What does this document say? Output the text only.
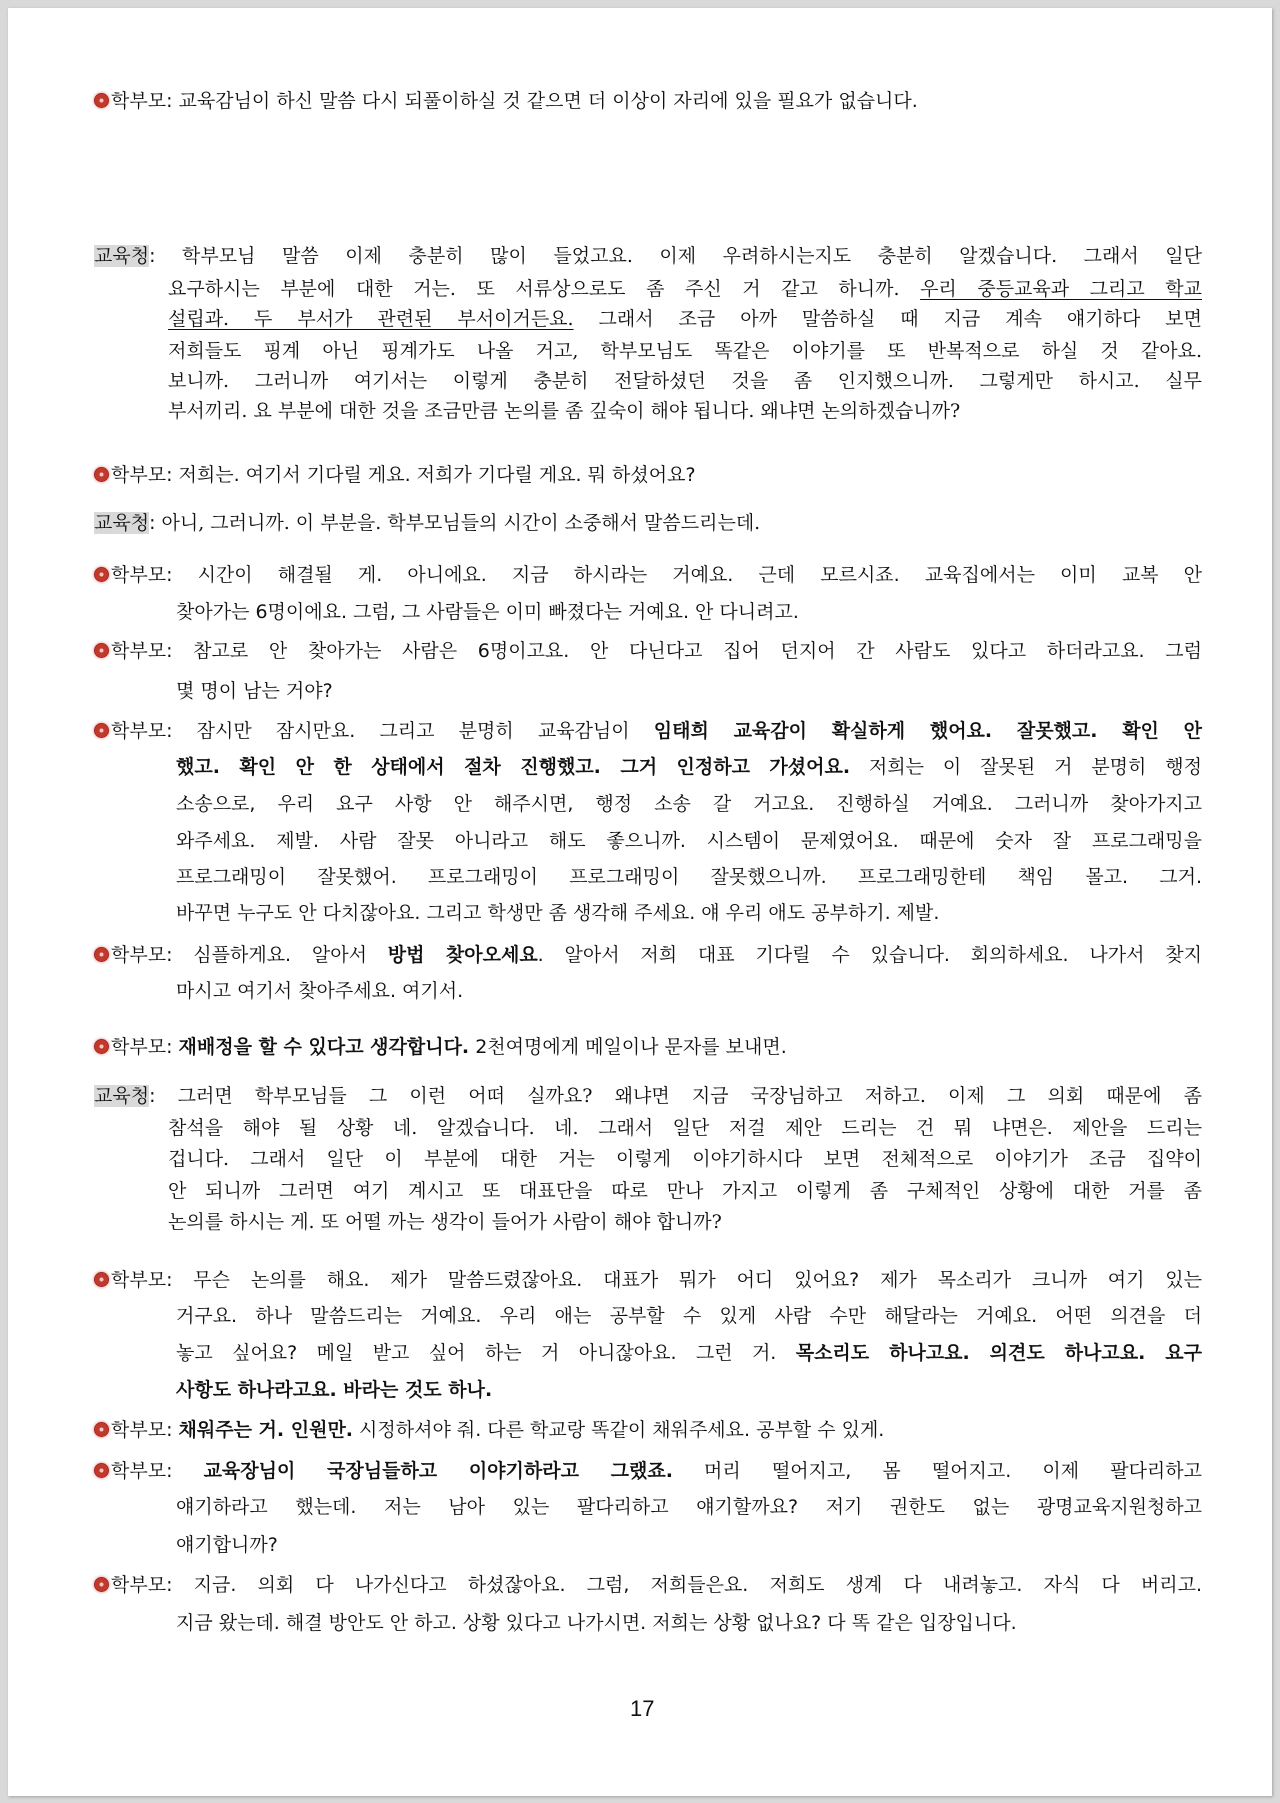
학부모: 교육감님이 하신 말씀 다시 되풀이하실 것 같으면 더 이상이 자리에 있을 필요가 없습니다.
교육청: 학부모님 말씀 이제 충분히 많이 들었고요. 이제 우려하시는지도 충분히 알겠습니다. 그래서 일단
요구하시는 부분에 대한 거는. 또 서류상으로도 좀 주신 거 같고 하니까. 우리 중등교육과 그리고 학교
설립과. 두 부서가 관련된 부서이거든요. 그래서 조금 아까 말씀하실 때 지금 계속 얘기하다 보면
저희들도 핑계 아닌 핑계가도 나올 거고, 학부모님도 똑같은 이야기를 또 반복적으로 하실 것 같아요.
보니까. 그러니까 여기서는 이렇게 충분히 전달하셨던 것을 좀 인지했으니까. 그렇게만 하시고. 실무
부서끼리. 요 부분에 대한 것을 조금만큼 논의를 좀 깊숙이 해야 됩니다. 왜냐면 논의하겠습니까?
학부모: 저희는. 여기서 기다릴 게요. 저희가 기다릴 게요. 뭐 하셨어요?
교육청: 아니, 그러니까. 이 부분을. 학부모님들의 시간이 소중해서 말씀드리는데.
학부모: 시간이 해결될 게. 아니에요. 지금 하시라는 거예요. 근데 모르시죠. 교육집에서는 이미 교복 안
찾아가는 6명이에요. 그럼, 그 사람들은 이미 빠졌다는 거예요. 안 다니려고.
학부모: 참고로 안 찾아가는 사람은 6명이고요. 안 다닌다고 집어 던지어 간 사람도 있다고 하더라고요. 그럼
몇 명이 남는 거야?
학부모: 잠시만 잠시만요. 그리고 분명히 교육감님이 임태희 교육감이 확실하게 했어요. 잘못했고. 확인 안
했고. 확인 안 한 상태에서 절차 진행했고. 그거 인정하고 가셨어요. 저희는 이 잘못된 거 분명히 행정
소송으로, 우리 요구 사항 안 해주시면, 행정 소송 갈 거고요. 진행하실 거예요. 그러니까 찾아가지고
와주세요. 제발. 사람 잘못 아니라고 해도 좋으니까. 시스템이 문제였어요. 때문에 숫자 잘 프로그래밍을
프로그래밍이 잘못했어. 프로그래밍이 프로그래밍이 잘못했으니까. 프로그래밍한테 책임 몰고. 그거.
바꾸면 누구도 안 다치잖아요. 그리고 학생만 좀 생각해 주세요. 얘 우리 애도 공부하기. 제발.
학부모: 심플하게요. 알아서 방법 찾아오세요. 알아서 저희 대표 기다릴 수 있습니다. 회의하세요. 나가서 찾지
마시고 여기서 찾아주세요. 여기서.
학부모: 재배정을 할 수 있다고 생각합니다. 2천여명에게 메일이나 문자를 보내면.
교육청: 그러면 학부모님들 그 이런 어떠 실까요? 왜냐면 지금 국장님하고 저하고. 이제 그 의회 때문에 좀
참석을 해야 될 상황 네. 알겠습니다. 네. 그래서 일단 저걸 제안 드리는 건 뭐 냐면은. 제안을 드리는
겁니다. 그래서 일단 이 부분에 대한 거는 이렇게 이야기하시다 보면 전체적으로 이야기가 조금 집약이
안 되니까 그러면 여기 계시고 또 대표단을 따로 만나 가지고 이렇게 좀 구체적인 상황에 대한 거를 좀
논의를 하시는 게. 또 어떨 까는 생각이 들어가 사람이 해야 합니까?
학부모: 무슨 논의를 해요. 제가 말씀드렸잖아요. 대표가 뭐가 어디 있어요? 제가 목소리가 크니까 여기 있는
거구요. 하나 말씀드리는 거예요. 우리 애는 공부할 수 있게 사람 수만 해달라는 거예요. 어떤 의견을 더
놓고 싶어요? 메일 받고 싶어 하는 거 아니잖아요. 그런 거. 목소리도 하나고요. 의견도 하나고요. 요구
사항도 하나라고요. 바라는 것도 하나.
학부모: 채워주는 거. 인원만. 시정하셔야 줘. 다른 학교랑 똑같이 채워주세요. 공부할 수 있게.
학부모: 교육장님이 국장님들하고 이야기하라고 그랬죠. 머리 떨어지고, 몸 떨어지고. 이제 팔다리하고
얘기하라고 했는데. 저는 남아 있는 팔다리하고 얘기할까요? 저기 권한도 없는 광명교육지원청하고
얘기합니까?
학부모: 지금. 의회 다 나가신다고 하셨잖아요. 그럼, 저희들은요. 저희도 생계 다 내려놓고. 자식 다 버리고.
지금 왔는데. 해결 방안도 안 하고. 상황 있다고 나가시면. 저희는 상황 없나요? 다 똑 같은 입장입니다.
17
